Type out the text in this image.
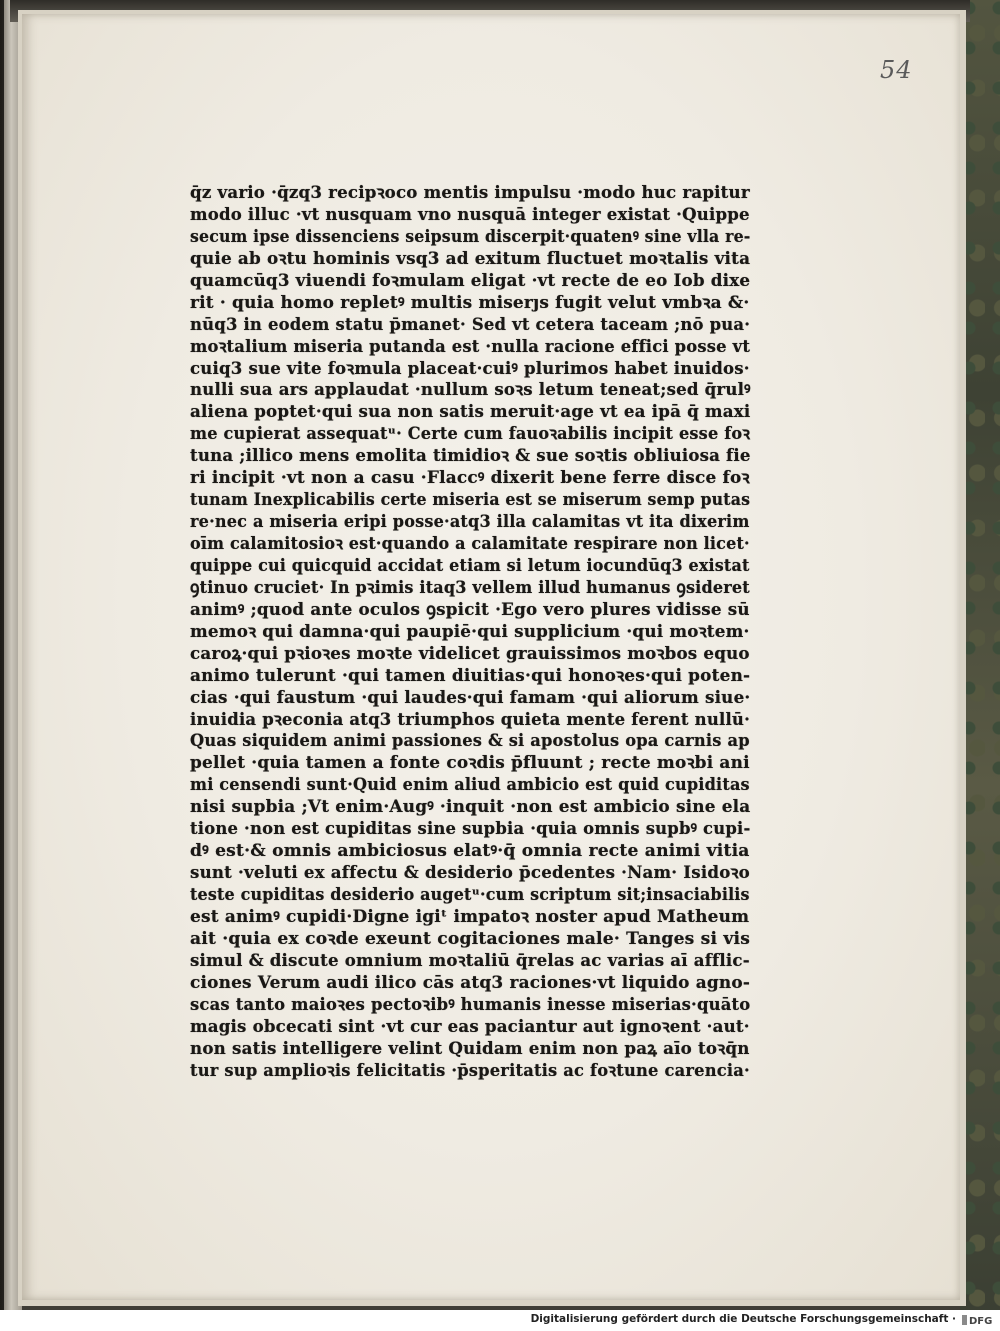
54

q̄z vario ·q̄zq3 recipꝛoco mentis impulsu ·modo huc rapitur
modo illuc ·vt nusquam vno nusquā integer existat ·Quippe
secum ipse dissenciens seipsum discerpit·quatenꝰ sine vlla re-
quie ab oꝛtu hominis vsq3 ad exitum fluctuet moꝛtalis vita
quamcūq3 viuendi foꝛmulam eligat ·vt recte de eo Iob dixe
rit · quia homo repletꝰ multis miserȷs fugit velut vmbꝛa &·
nūq3 in eodem statu p̄manet· Sed vt cetera taceam ;nō pua·
moꝛtalium miseria putanda est ·nulla racione effici posse vt
cuiq3 sue vite foꝛmula placeat·cuiꝰ plurimos habet inuidos·
nulli sua ars applaudat ·nullum soꝛs letum teneat;sed q̄rulꝰ
aliena poptet·qui sua non satis meruit·age vt ea ipā q̄ maxi
me cupierat assequatᵘ· Certe cum fauoꝛabilis incipit esse foꝛ
tuna ;illico mens emolita timidioꝛ & sue soꝛtis obliuiosa fie
ri incipit ·vt non a casu ·Flaccꝰ dixerit bene ferre disce foꝛ
tunam Inexplicabilis certe miseria est se miserum semp putas
re·nec a miseria eripi posse·atq3 illa calamitas vt ita dixerim
oīm calamitosioꝛ est·quando a calamitate respirare non licet·
quippe cui quicquid accidat etiam si letum iocundūq3 existat
ꝯtinuo cruciet· In pꝛimis itaq3 vellem illud humanus ꝯsideret
animꝰ ;quod ante oculos ꝯspicit ·Ego vero plures vidisse sū
memoꝛ qui damna·qui paupiē·qui supplicium ·qui moꝛtem·
caroꝝ·qui pꝛioꝛes moꝛte videlicet grauissimos moꝛbos equo
animo tulerunt ·qui tamen diuitias·qui honoꝛes·qui poten-
cias ·qui faustum ·qui laudes·qui famam ·qui aliorum siue·
inuidia pꝛeconia atq3 triumphos quieta mente ferent nullū·
Quas siquidem animi passiones & si apostolus opa carnis ap
pellet ·quia tamen a fonte coꝛdis p̄fluunt ; recte moꝛbi ani
mi censendi sunt·Quid enim aliud ambicio est quid cupiditas
nisi supbia ;Vt enim·Augꝰ ·inquit ·non est ambicio sine ela
tione ·non est cupiditas sine supbia ·quia omnis supbꝰ cupi-
dꝰ est·& omnis ambiciosus elatꝰ·q̄ omnia recte animi vitia
sunt ·veluti ex affectu & desiderio p̄cedentes ·Nam· Isidoꝛo
teste cupiditas desiderio augetᵘ·cum scriptum sit;insaciabilis
est animꝰ cupidi·Digne igiᵗ impatoꝛ noster apud Matheum
ait ·quia ex coꝛde exeunt cogitaciones male· Tanges si vis
simul & discute omnium moꝛtaliū q̄relas ac varias aī afflic-
ciones Verum audi ilico cās atq3 raciones·vt liquido agno-
scas tanto maioꝛes pectoꝛibꝰ humanis inesse miserias·quāto
magis obcecati sint ·vt cur eas paciantur aut ignoꝛent ·aut·
non satis intelligere velint Quidam enim non paꝝ aīo toꝛq̄n
tur sup amplioꝛis felicitatis ·p̄speritatis ac foꝛtune carencia·
Digitalisierung gefördert durch die Deutsche Forschungsgemeinschaft · DFG
